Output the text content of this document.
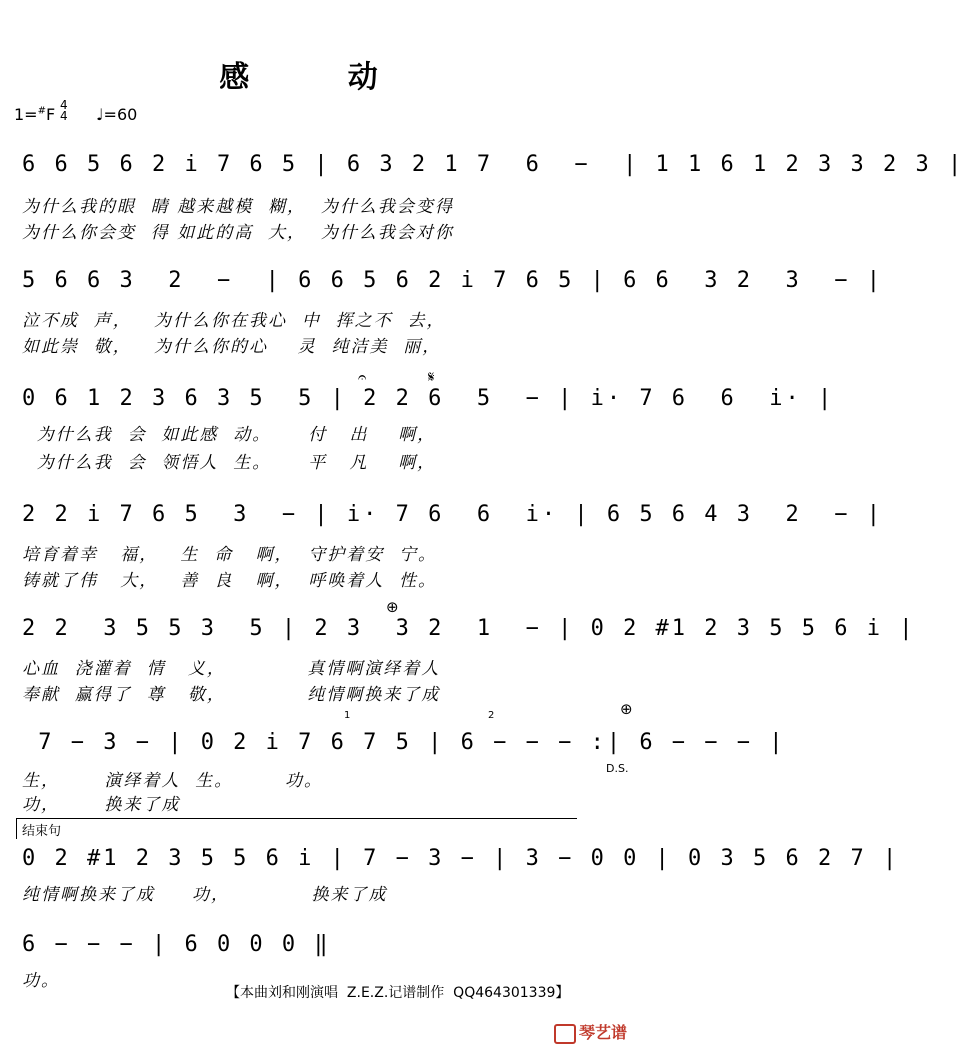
感 动
1=#F 4
4 ♩=60
6 6 5 6 2 i 7 6 5 | 6 3 2 1 7  6  −  | 1 1 6 1 2 3 3 2 3 |
为什么我的眼  睛 越来越模  糊，  为什么我会变得
为什么你会变  得 如此的高  大，  为什么我会对你
5 6 6 3  2  −  | 6 6 5 6 2 i 7 6 5 | 6 6  3 2  3  − |
泣不成  声，   为什么你在我心  中  挥之不  去，
如此崇  敬，   为什么你的心    灵  纯洁美  丽，
𝄐	𝄋
0 6 1 2 3 6 3 5  5 | 2 2 6  5  − | i· 7 6  6  i· |
为什么我  会  如此感  动。     付   出    啊，
为什么我  会  领悟人  生。     平   凡    啊，
2 2 i 7 6 5  3  − | i· 7 6  6  i· | 6 5 6 4 3  2  − |
培育着幸   福，   生  命   啊，  守护着安  宁。
铸就了伟   大，   善  良   啊，  呼唤着人  性。
⊕
2 2  3 5 5 3  5 | 2 3  3 2  1  − | 0 2 #1 2 3 5 5 6 i |
心血  浇灌着  情   义，           真情啊演绎着人
奉献  赢得了  尊   敬，           纯情啊换来了成
1	2	⊕
7 − 3 − | 0 2 i 7 6 7 5 | 6 − − − :| 6 − − − |
生，      演绎着人  生。       功。
功，      换来了成
D.S.
结束句
0 2 #1 2 3 5 5 6 i | 7 − 3 − | 3 − 0 0 | 0 3 5 6 2 7 |
纯情啊换来了成     功，           换来了成
6 − − − | 6 0 0 0 ‖
功。
【本曲刘和刚演唱  Z.E.Z.记谱制作  QQ464301339】
琴艺谱
